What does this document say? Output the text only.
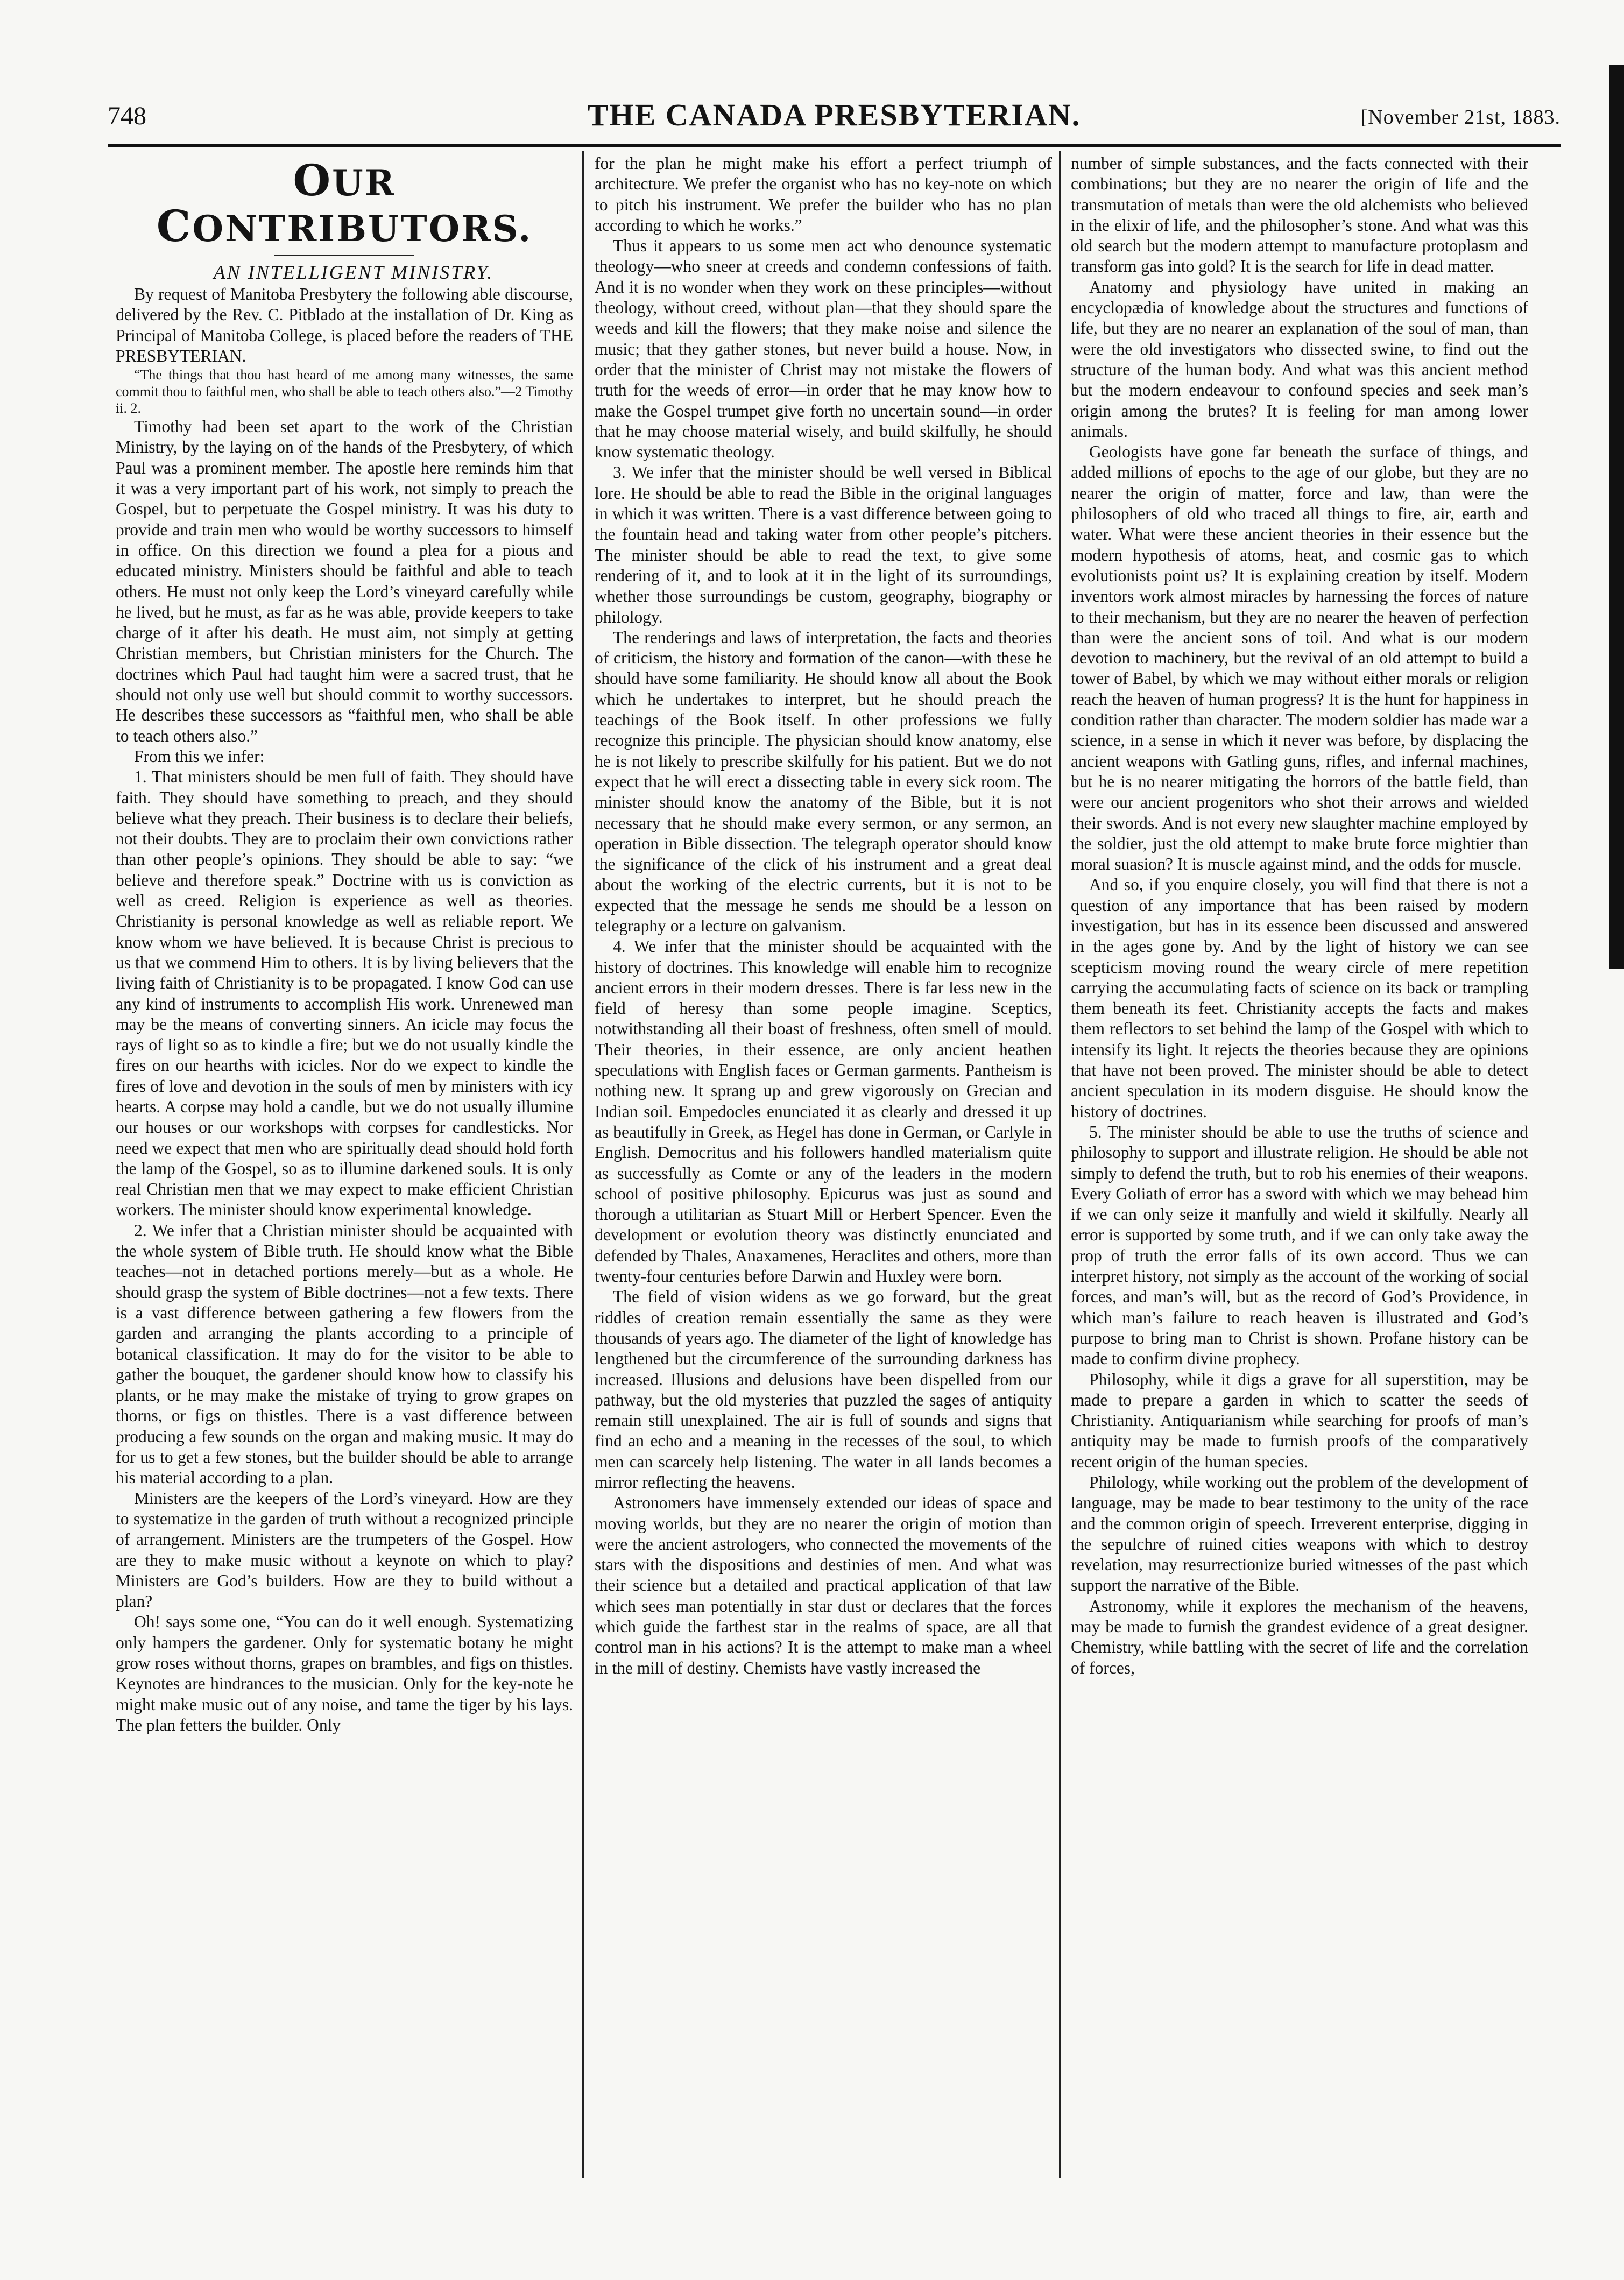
748	THE CANADA PRESBYTERIAN.	[November 21st, 1883.
OUR CONTRIBUTORS.

AN INTELLIGENT MINISTRY.

By request of Manitoba Presbytery the following able discourse, delivered by the Rev. C. Pitblado at the installation of Dr. King as Principal of Manitoba College, is placed before the readers of THE PRESBYTERIAN.

“The things that thou hast heard of me among many witnesses, the same commit thou to faithful men, who shall be able to teach others also.”—2 Timothy ii. 2.

Timothy had been set apart to the work of the Christian Ministry, by the laying on of the hands of the Presbytery, of which Paul was a prominent member. The apostle here reminds him that it was a very important part of his work, not simply to preach the Gospel, but to perpetuate the Gospel ministry. It was his duty to provide and train men who would be worthy successors to himself in office. On this direction we found a plea for a pious and educated ministry. Ministers should be faithful and able to teach others. He must not only keep the Lord’s vineyard carefully while he lived, but he must, as far as he was able, provide keepers to take charge of it after his death. He must aim, not simply at getting Christian members, but Christian ministers for the Church. The doctrines which Paul had taught him were a sacred trust, that he should not only use well but should commit to worthy successors. He describes these successors as “faithful men, who shall be able to teach others also.”

From this we infer:

1. That ministers should be men full of faith. They should have faith. They should have something to preach, and they should believe what they preach. Their business is to declare their beliefs, not their doubts. They are to proclaim their own convictions rather than other people’s opinions. They should be able to say: “we believe and therefore speak.” Doctrine with us is conviction as well as creed. Religion is experience as well as theories. Christianity is personal knowledge as well as reliable report. We know whom we have believed. It is because Christ is precious to us that we commend Him to others. It is by living believers that the living faith of Christianity is to be propagated. I know God can use any kind of instruments to accomplish His work. Unrenewed man may be the means of converting sinners. An icicle may focus the rays of light so as to kindle a fire; but we do not usually kindle the fires on our hearths with icicles. Nor do we expect to kindle the fires of love and devotion in the souls of men by ministers with icy hearts. A corpse may hold a candle, but we do not usually illumine our houses or our workshops with corpses for candlesticks. Nor need we expect that men who are spiritually dead should hold forth the lamp of the Gospel, so as to illumine darkened souls. It is only real Christian men that we may expect to make efficient Christian workers. The minister should know experimental knowledge.

2. We infer that a Christian minister should be acquainted with the whole system of Bible truth. He should know what the Bible teaches—not in detached portions merely—but as a whole. He should grasp the system of Bible doctrines—not a few texts. There is a vast difference between gathering a few flowers from the garden and arranging the plants according to a principle of botanical classification. It may do for the visitor to be able to gather the bouquet, the gardener should know how to classify his plants, or he may make the mistake of trying to grow grapes on thorns, or figs on thistles. There is a vast difference between producing a few sounds on the organ and making music. It may do for us to get a few stones, but the builder should be able to arrange his material according to a plan.

Ministers are the keepers of the Lord’s vineyard. How are they to systematize in the garden of truth without a recognized principle of arrangement. Ministers are the trumpeters of the Gospel. How are they to make music without a keynote on which to play? Ministers are God’s builders. How are they to build without a plan?

Oh! says some one, “You can do it well enough. Systematizing only hampers the gardener. Only for systematic botany he might grow roses without thorns, grapes on brambles, and figs on thistles. Keynotes are hindrances to the musician. Only for the key-note he might make music out of any noise, and tame the tiger by his lays. The plan fetters the builder. Only

for the plan he might make his effort a perfect triumph of architecture. We prefer the organist who has no key-note on which to pitch his instrument. We prefer the builder who has no plan according to which he works.”

Thus it appears to us some men act who denounce systematic theology—who sneer at creeds and condemn confessions of faith. And it is no wonder when they work on these principles—without theology, without creed, without plan—that they should spare the weeds and kill the flowers; that they make noise and silence the music; that they gather stones, but never build a house. Now, in order that the minister of Christ may not mistake the flowers of truth for the weeds of error—in order that he may know how to make the Gospel trumpet give forth no uncertain sound—in order that he may choose material wisely, and build skilfully, he should know systematic theology.

3. We infer that the minister should be well versed in Biblical lore. He should be able to read the Bible in the original languages in which it was written. There is a vast difference between going to the fountain head and taking water from other people’s pitchers. The minister should be able to read the text, to give some rendering of it, and to look at it in the light of its surroundings, whether those surroundings be custom, geography, biography or philology.

The renderings and laws of interpretation, the facts and theories of criticism, the history and formation of the canon—with these he should have some familiarity. He should know all about the Book which he undertakes to interpret, but he should preach the teachings of the Book itself. In other professions we fully recognize this principle. The physician should know anatomy, else he is not likely to prescribe skilfully for his patient. But we do not expect that he will erect a dissecting table in every sick room. The minister should know the anatomy of the Bible, but it is not necessary that he should make every sermon, or any sermon, an operation in Bible dissection. The telegraph operator should know the significance of the click of his instrument and a great deal about the working of the electric currents, but it is not to be expected that the message he sends me should be a lesson on telegraphy or a lecture on galvanism.

4. We infer that the minister should be acquainted with the history of doctrines. This knowledge will enable him to recognize ancient errors in their modern dresses. There is far less new in the field of heresy than some people imagine. Sceptics, notwithstanding all their boast of freshness, often smell of mould. Their theories, in their essence, are only ancient heathen speculations with English faces or German garments. Pantheism is nothing new. It sprang up and grew vigorously on Grecian and Indian soil. Empedocles enunciated it as clearly and dressed it up as beautifully in Greek, as Hegel has done in German, or Carlyle in English. Democritus and his followers handled materialism quite as successfully as Comte or any of the leaders in the modern school of positive philosophy. Epicurus was just as sound and thorough a utilitarian as Stuart Mill or Herbert Spencer. Even the development or evolution theory was distinctly enunciated and defended by Thales, Anaxamenes, Heraclites and others, more than twenty-four centuries before Darwin and Huxley were born.

The field of vision widens as we go forward, but the great riddles of creation remain essentially the same as they were thousands of years ago. The diameter of the light of knowledge has lengthened but the circumference of the surrounding darkness has increased. Illusions and delusions have been dispelled from our pathway, but the old mysteries that puzzled the sages of antiquity remain still unexplained. The air is full of sounds and signs that find an echo and a meaning in the recesses of the soul, to which men can scarcely help listening. The water in all lands becomes a mirror reflecting the heavens.

Astronomers have immensely extended our ideas of space and moving worlds, but they are no nearer the origin of motion than were the ancient astrologers, who connected the movements of the stars with the dispositions and destinies of men. And what was their science but a detailed and practical application of that law which sees man potentially in star dust or declares that the forces which guide the farthest star in the realms of space, are all that control man in his actions? It is the attempt to make man a wheel in the mill of destiny. Chemists have vastly increased the

number of simple substances, and the facts connected with their combinations; but they are no nearer the origin of life and the transmutation of metals than were the old alchemists who believed in the elixir of life, and the philosopher’s stone. And what was this old search but the modern attempt to manufacture protoplasm and transform gas into gold? It is the search for life in dead matter.

Anatomy and physiology have united in making an encyclopædia of knowledge about the structures and functions of life, but they are no nearer an explanation of the soul of man, than were the old investigators who dissected swine, to find out the structure of the human body. And what was this ancient method but the modern endeavour to confound species and seek man’s origin among the brutes? It is feeling for man among lower animals.

Geologists have gone far beneath the surface of things, and added millions of epochs to the age of our globe, but they are no nearer the origin of matter, force and law, than were the philosophers of old who traced all things to fire, air, earth and water. What were these ancient theories in their essence but the modern hypothesis of atoms, heat, and cosmic gas to which evolutionists point us? It is explaining creation by itself. Modern inventors work almost miracles by harnessing the forces of nature to their mechanism, but they are no nearer the heaven of perfection than were the ancient sons of toil. And what is our modern devotion to machinery, but the revival of an old attempt to build a tower of Babel, by which we may without either morals or religion reach the heaven of human progress? It is the hunt for happiness in condition rather than character. The modern soldier has made war a science, in a sense in which it never was before, by displacing the ancient weapons with Gatling guns, rifles, and infernal machines, but he is no nearer mitigating the horrors of the battle field, than were our ancient progenitors who shot their arrows and wielded their swords. And is not every new slaughter machine employed by the soldier, just the old attempt to make brute force mightier than moral suasion? It is muscle against mind, and the odds for muscle.

And so, if you enquire closely, you will find that there is not a question of any importance that has been raised by modern investigation, but has in its essence been discussed and answered in the ages gone by. And by the light of history we can see scepticism moving round the weary circle of mere repetition carrying the accumulating facts of science on its back or trampling them beneath its feet. Christianity accepts the facts and makes them reflectors to set behind the lamp of the Gospel with which to intensify its light. It rejects the theories because they are opinions that have not been proved. The minister should be able to detect ancient speculation in its modern disguise. He should know the history of doctrines.

5. The minister should be able to use the truths of science and philosophy to support and illustrate religion. He should be able not simply to defend the truth, but to rob his enemies of their weapons. Every Goliath of error has a sword with which we may behead him if we can only seize it manfully and wield it skilfully. Nearly all error is supported by some truth, and if we can only take away the prop of truth the error falls of its own accord. Thus we can interpret history, not simply as the account of the working of social forces, and man’s will, but as the record of God’s Providence, in which man’s failure to reach heaven is illustrated and God’s purpose to bring man to Christ is shown. Profane history can be made to confirm divine prophecy.

Philosophy, while it digs a grave for all superstition, may be made to prepare a garden in which to scatter the seeds of Christianity. Antiquarianism while searching for proofs of man’s antiquity may be made to furnish proofs of the comparatively recent origin of the human species.

Philology, while working out the problem of the development of language, may be made to bear testimony to the unity of the race and the common origin of speech. Irreverent enterprise, digging in the sepulchre of ruined cities weapons with which to destroy revelation, may resurrectionize buried witnesses of the past which support the narrative of the Bible.

Astronomy, while it explores the mechanism of the heavens, may be made to furnish the grandest evidence of a great designer. Chemistry, while battling with the secret of life and the correlation of forces,
